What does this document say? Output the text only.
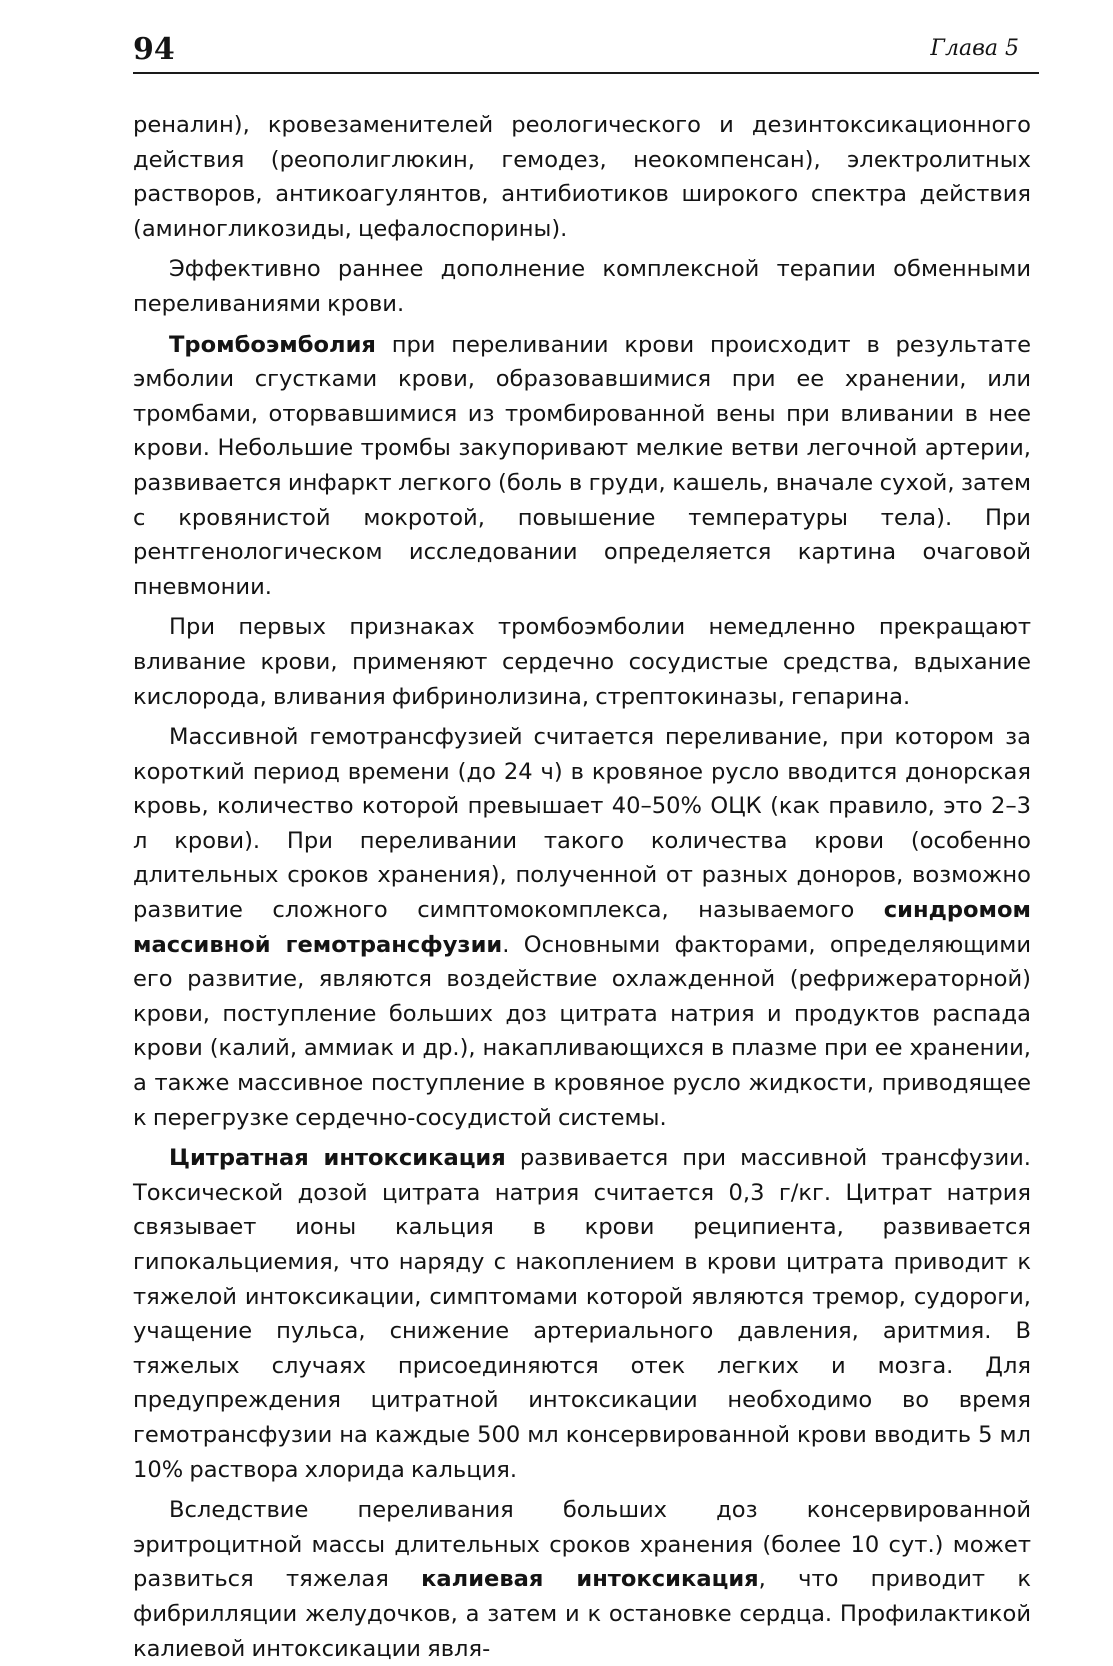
94	Глава 5

реналин), кровезаменителей реологического и дезинтоксикационного действия (реополиглюкин, гемодез, неокомпенсан), электролитных растворов, антикоагулянтов, антибиотиков широкого спектра действия (аминогликозиды, цефалоспорины).

Эффективно раннее дополнение комплексной терапии обменными переливаниями крови.

Тромбоэмболия при переливании крови происходит в результате эмболии сгустками крови, образовавшимися при ее хранении, или тромбами, оторвавшимися из тромбированной вены при вливании в нее крови. Небольшие тромбы закупоривают мелкие ветви легочной артерии, развивается инфаркт легкого (боль в груди, кашель, вначале сухой, затем с кровянистой мокротой, повышение температуры тела). При рентгенологическом исследовании определяется картина очаговой пневмонии.

При первых признаках тромбоэмболии немедленно прекращают вливание крови, применяют сердечно сосудистые средства, вдыхание кислорода, вливания фибринолизина, стрептокиназы, гепарина.

Массивной гемотрансфузией считается переливание, при котором за короткий период времени (до 24 ч) в кровяное русло вводится донорская кровь, количество которой превышает 40–50% ОЦК (как правило, это 2–3 л крови). При переливании такого количества крови (особенно длительных сроков хранения), полученной от разных доноров, возможно развитие сложного симптомокомплекса, называемого синдромом массивной гемотрансфузии. Основными факторами, определяющими его развитие, являются воздействие охлажденной (рефрижераторной) крови, поступление больших доз цитрата натрия и продуктов распада крови (калий, аммиак и др.), накапливающихся в плазме при ее хранении, а также массивное поступление в кровяное русло жидкости, приводящее к перегрузке сердечно-сосудистой системы.

Цитратная интоксикация развивается при массивной трансфузии. Токсической дозой цитрата натрия считается 0,3 г/кг. Цитрат натрия связывает ионы кальция в крови реципиента, развивается гипокальциемия, что наряду с накоплением в крови цитрата приводит к тяжелой интоксикации, симптомами которой являются тремор, судороги, учащение пульса, снижение артериального давления, аритмия. В тяжелых случаях присоединяются отек легких и мозга. Для предупреждения цитратной интоксикации необходимо во время гемотрансфузии на каждые 500 мл консервированной крови вводить 5 мл 10% раствора хлорида кальция.

Вследствие переливания больших доз консервированной эритроцитной массы длительных сроков хранения (более 10 сут.) может развиться тяжелая калиевая интоксикация, что приводит к фибрилляции желудочков, а затем и к остановке сердца. Профилактикой калиевой интоксикации явля-
